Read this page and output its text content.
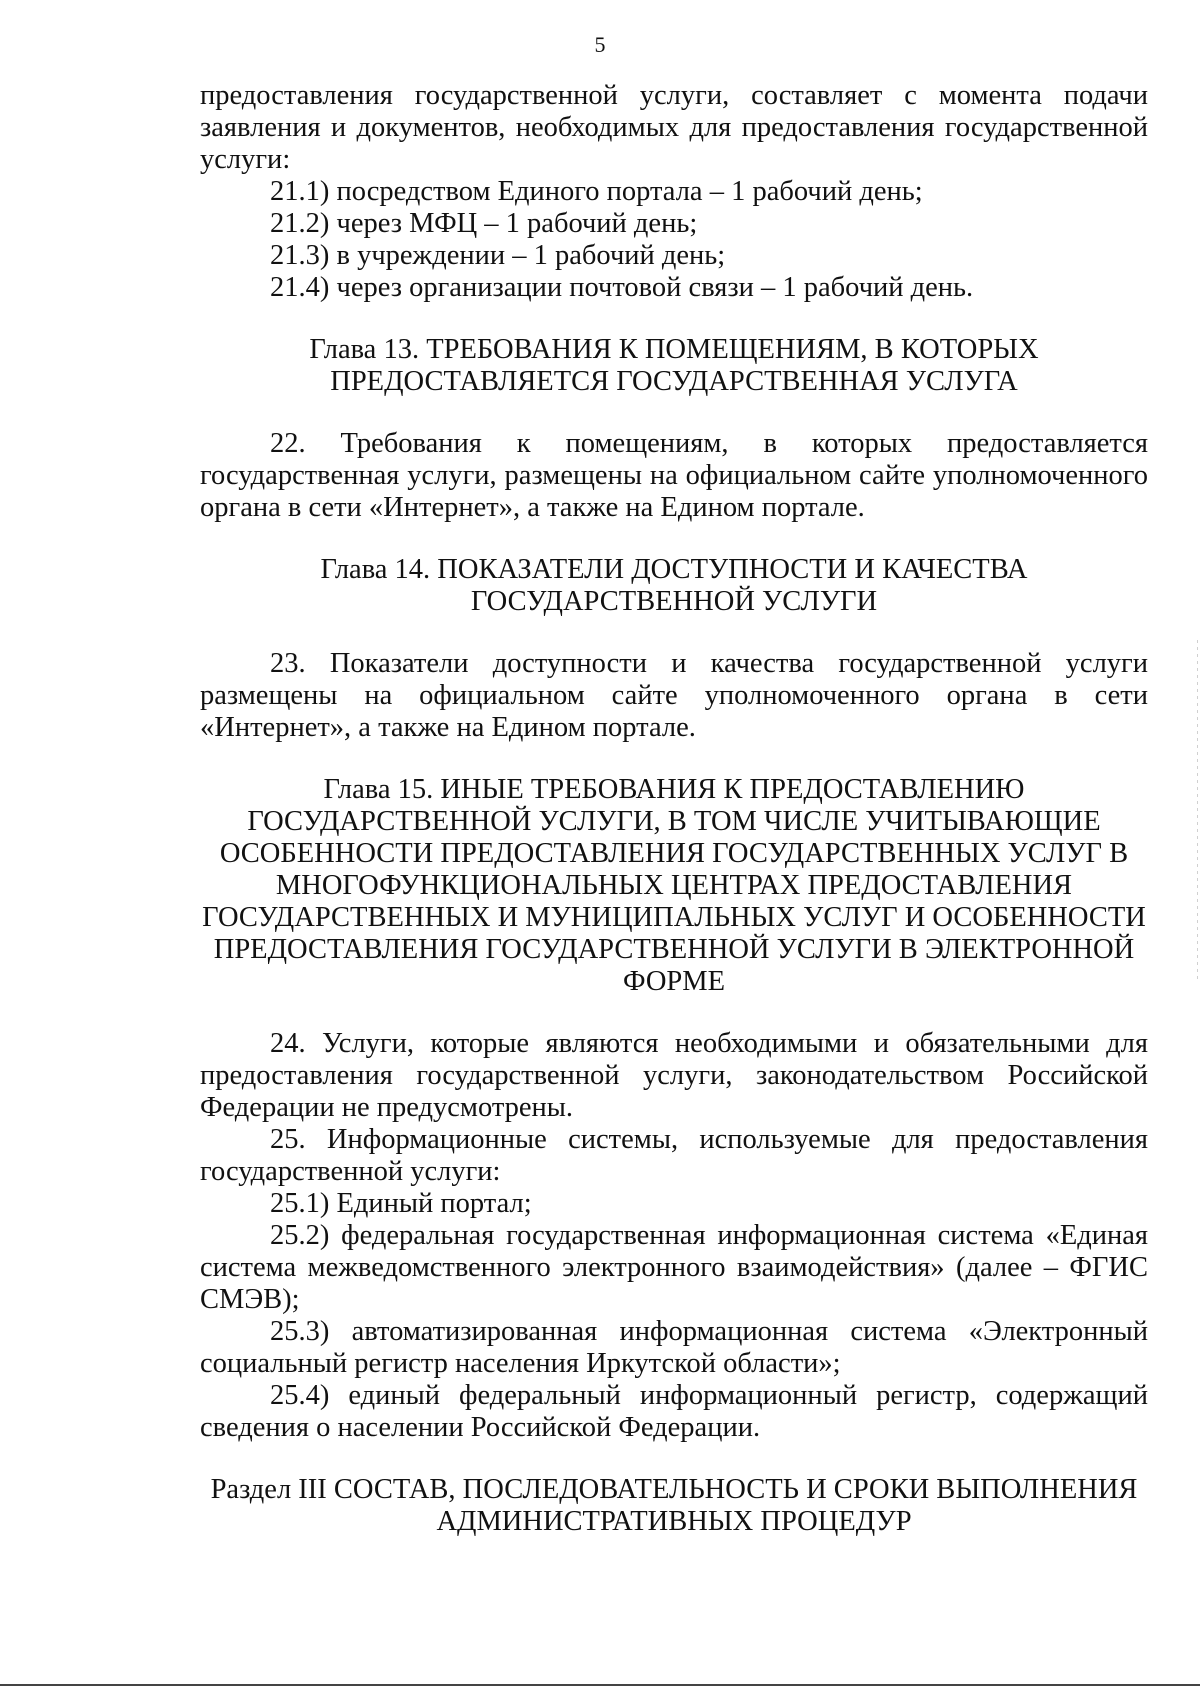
5

предоставления государственной услуги, составляет с момента подачи заявления и документов, необходимых для предоставления государственной услуги:

21.1) посредством Единого портала – 1 рабочий день;

21.2) через МФЦ – 1 рабочий день;

21.3) в учреждении – 1 рабочий день;

21.4) через организации почтовой связи – 1 рабочий день.

Глава 13. ТРЕБОВАНИЯ К ПОМЕЩЕНИЯМ, В КОТОРЫХ ПРЕДОСТАВЛЯЕТСЯ ГОСУДАРСТВЕННАЯ УСЛУГА

22. Требования к помещениям, в которых предоставляется государственная услуги, размещены на официальном сайте уполномоченного органа в сети «Интернет», а также на Едином портале.

Глава 14. ПОКАЗАТЕЛИ ДОСТУПНОСТИ И КАЧЕСТВА ГОСУДАРСТВЕННОЙ УСЛУГИ

23. Показатели доступности и качества государственной услуги размещены на официальном сайте уполномоченного органа в сети «Интернет», а также на Едином портале.

Глава 15. ИНЫЕ ТРЕБОВАНИЯ К ПРЕДОСТАВЛЕНИЮ ГОСУДАРСТВЕННОЙ УСЛУГИ, В ТОМ ЧИСЛЕ УЧИТЫВАЮЩИЕ ОСОБЕННОСТИ ПРЕДОСТАВЛЕНИЯ ГОСУДАРСТВЕННЫХ УСЛУГ В МНОГОФУНКЦИОНАЛЬНЫХ ЦЕНТРАХ ПРЕДОСТАВЛЕНИЯ ГОСУДАРСТВЕННЫХ И МУНИЦИПАЛЬНЫХ УСЛУГ И ОСОБЕННОСТИ ПРЕДОСТАВЛЕНИЯ ГОСУДАРСТВЕННОЙ УСЛУГИ В ЭЛЕКТРОННОЙ ФОРМЕ

24. Услуги, которые являются необходимыми и обязательными для предоставления государственной услуги, законодательством Российской Федерации не предусмотрены.

25. Информационные системы, используемые для предоставления государственной услуги:

25.1) Единый портал;

25.2) федеральная государственная информационная система «Единая система межведомственного электронного взаимодействия» (далее – ФГИС СМЭВ);

25.3) автоматизированная информационная система «Электронный социальный регистр населения Иркутской области»;

25.4) единый федеральный информационный регистр, содержащий сведения о населении Российской Федерации.

Раздел III СОСТАВ, ПОСЛЕДОВАТЕЛЬНОСТЬ И СРОКИ ВЫПОЛНЕНИЯ АДМИНИСТРАТИВНЫХ ПРОЦЕДУР
